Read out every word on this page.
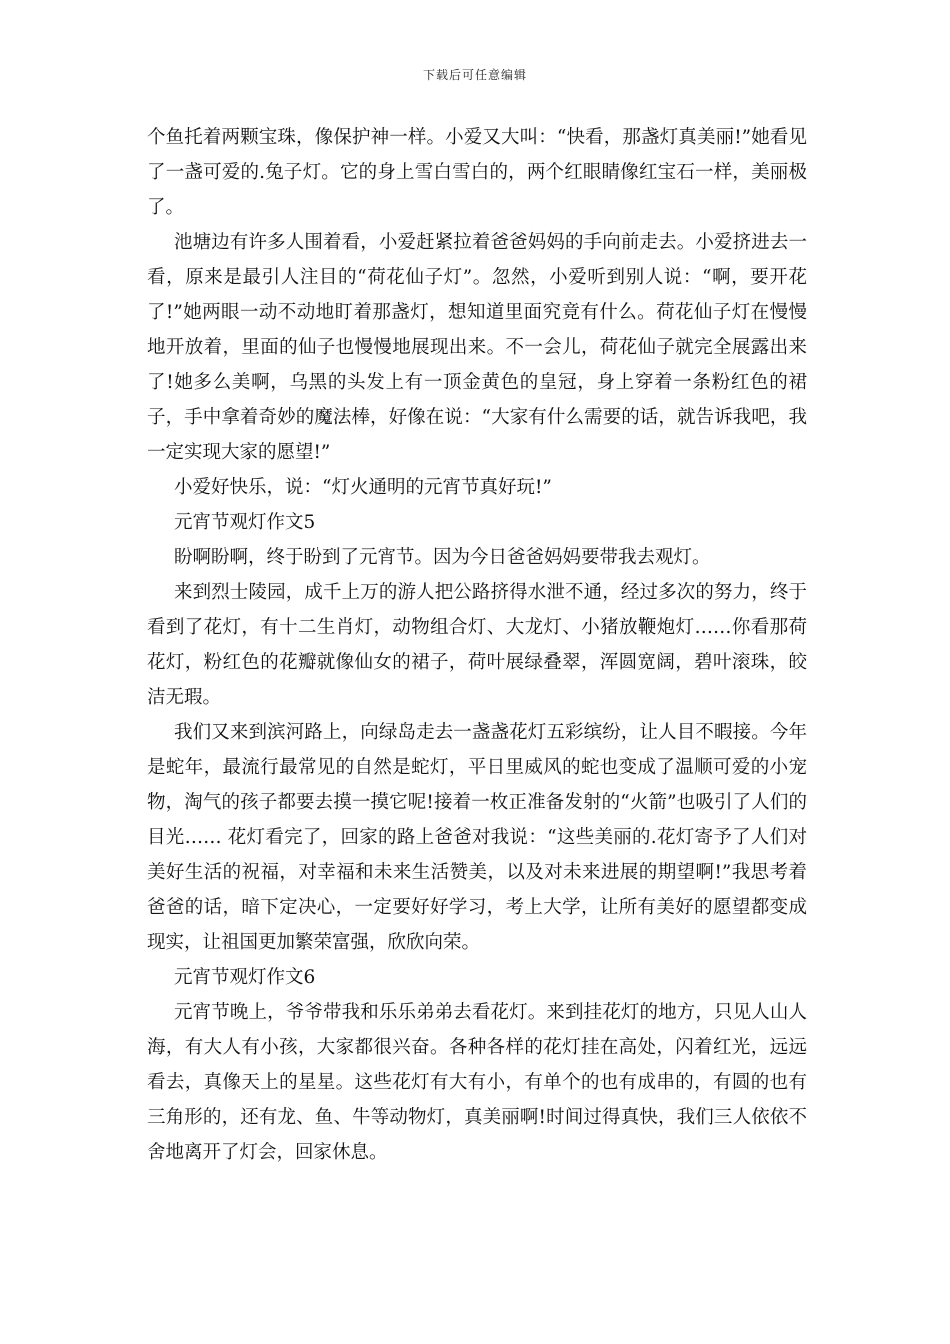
下载后可任意编辑

个鱼托着两颗宝珠，像保护神一样。小爱又大叫：“快看，那盏灯真美丽!”她看见了一盏可爱的.兔子灯。它的身上雪白雪白的，两个红眼睛像红宝石一样，美丽极了。

池塘边有许多人围着看，小爱赶紧拉着爸爸妈妈的手向前走去。小爱挤进去一看，原来是最引人注目的“荷花仙子灯”。忽然，小爱听到别人说：“啊，要开花了!”她两眼一动不动地盯着那盏灯，想知道里面究竟有什么。荷花仙子灯在慢慢地开放着，里面的仙子也慢慢地展现出来。不一会儿，荷花仙子就完全展露出来了!她多么美啊，乌黑的头发上有一顶金黄色的皇冠，身上穿着一条粉红色的裙子，手中拿着奇妙的魔法棒，好像在说：“大家有什么需要的话，就告诉我吧，我一定实现大家的愿望!”

小爱好快乐，说：“灯火通明的元宵节真好玩!”

元宵节观灯作文5

盼啊盼啊，终于盼到了元宵节。因为今日爸爸妈妈要带我去观灯。

来到烈士陵园，成千上万的游人把公路挤得水泄不通，经过多次的努力，终于看到了花灯，有十二生肖灯，动物组合灯、大龙灯、小猪放鞭炮灯……你看那荷花灯，粉红色的花瓣就像仙女的裙子，荷叶展绿叠翠，浑圆宽阔，碧叶滚珠，皎洁无瑕。

我们又来到滨河路上，向绿岛走去一盏盏花灯五彩缤纷，让人目不暇接。今年是蛇年，最流行最常见的自然是蛇灯，平日里威风的蛇也变成了温顺可爱的小宠物，淘气的孩子都要去摸一摸它呢!接着一枚正准备发射的“火箭”也吸引了人们的目光…… 花灯看完了，回家的路上爸爸对我说：“这些美丽的.花灯寄予了人们对美好生活的祝福，对幸福和未来生活赞美，以及对未来进展的期望啊!”我思考着爸爸的话，暗下定决心，一定要好好学习，考上大学，让所有美好的愿望都变成现实，让祖国更加繁荣富强，欣欣向荣。

元宵节观灯作文6

元宵节晚上，爷爷带我和乐乐弟弟去看花灯。来到挂花灯的地方，只见人山人海，有大人有小孩，大家都很兴奋。各种各样的花灯挂在高处，闪着红光，远远看去，真像天上的星星。这些花灯有大有小，有单个的也有成串的，有圆的也有三角形的，还有龙、鱼、牛等动物灯，真美丽啊!时间过得真快，我们三人依依不舍地离开了灯会，回家休息。
